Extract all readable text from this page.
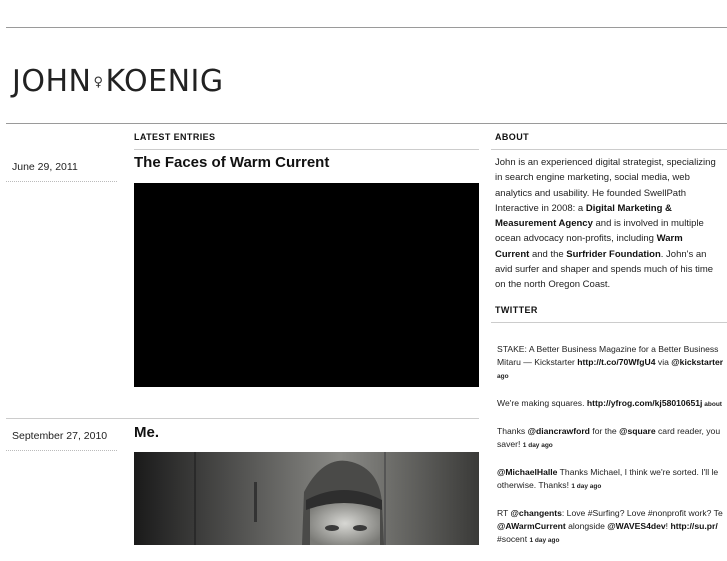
JOHN ♀KOENIG
LATEST ENTRIES
June 29, 2011	The Faces of Warm Current
September 27, 2010 Me.
ABOUT
John is an experienced digital strategist, specializing in search engine marketing, social media, web analytics and usability. He founded SwellPath Interactive in 2008: a Digital Marketing & Measurement Agency and is involved in multiple ocean advocacy non-profits, including Warm Current and the Surfrider Foundation. John's an avid surfer and shaper and spends much of his time on the north Oregon Coast.
TWITTER
STAKE: A Better Business Magazine for a Better Business
Mitaru — Kickstarter http://t.co/70WfgU4 via @kickstarter
ago
We're making squares. http://yfrog.com/kj58010651j about
Thanks @diancrawford for the @square card reader, you
saver! 1 day ago
@MichaelHalle Thanks Michael, I think we're sorted. I'll le
otherwise. Thanks! 1 day ago
RT @changents: Love #Surfing? Love #nonprofit work? Te
@AWarmCurrent alongside @WAVES4dev! http://su.pr/
#socent 1 day ago
